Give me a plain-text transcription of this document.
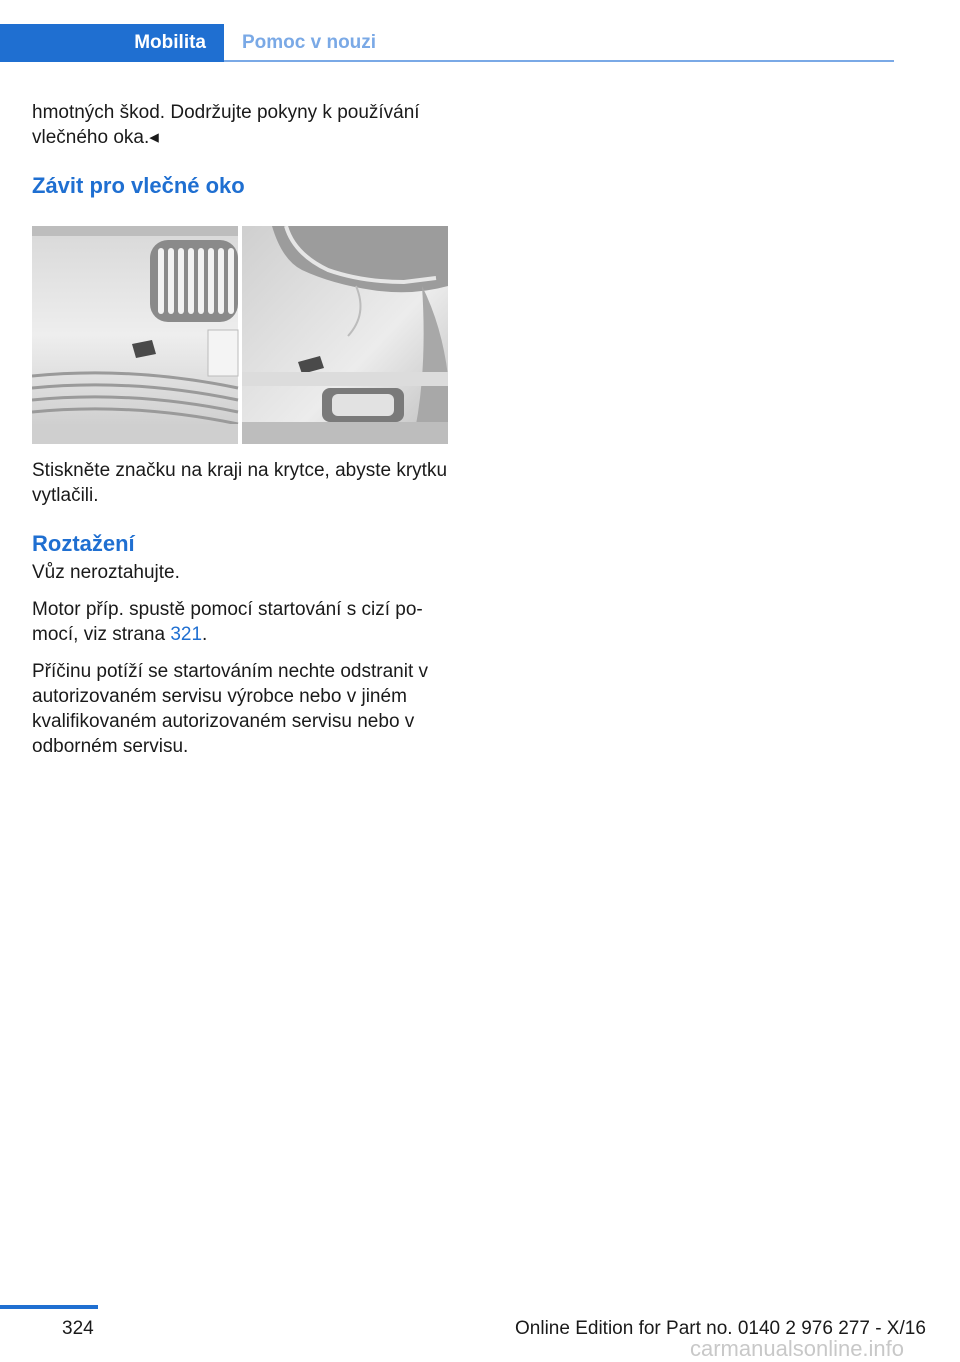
Mobilita	Pomoc v nouzi

hmotných škod. Dodržujte pokyny k používání vlečného oka.◂

Závit pro vlečné oko

Stiskněte značku na kraji na krytce, abyste krytku vytlačili.

Roztažení

Vůz neroztahujte.

Motor příp. spustě pomocí startování s cizí po-mocí, viz strana 321.

Příčinu potíží se startováním nechte odstranit v autorizovaném servisu výrobce nebo v jiném kvalifikovaném autorizovaném servisu nebo v odborném servisu.

324	Online Edition for Part no. 0140 2 976 277 - X/16
carmanualsonline.info
